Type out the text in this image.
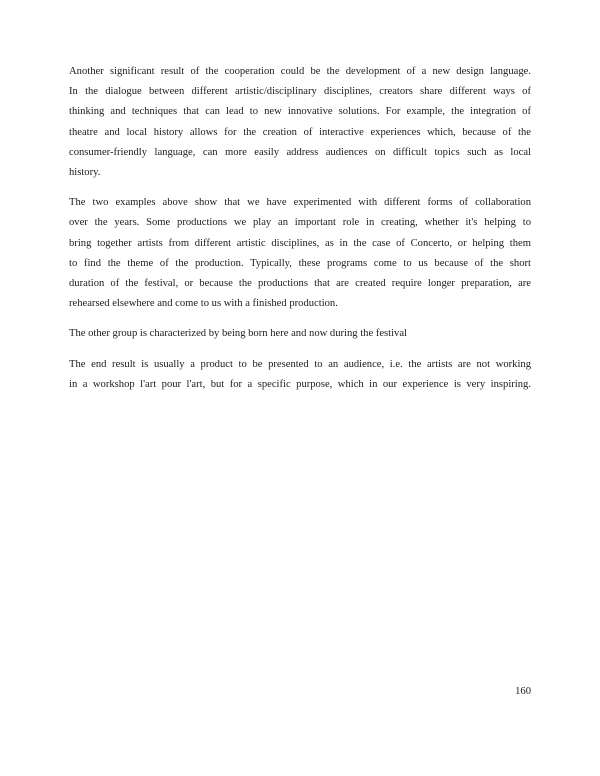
Another significant result of the cooperation could be the development of a new design language.
In the dialogue between different artistic/disciplinary disciplines, creators share different ways of
thinking and techniques that can lead to new innovative solutions. For example, the integration of
theatre and local history allows for the creation of interactive experiences which, because of the
consumer-friendly language, can more easily address audiences on difficult topics such as local
history.
The two examples above show that we have experimented with different forms of collaboration
over the years. Some productions we play an important role in creating, whether it's helping to
bring together artists from different artistic disciplines, as in the case of Concerto, or helping them
to find the theme of the production. Typically, these programs come to us because of the short
duration of the festival, or because the productions that are created require longer preparation, are
rehearsed elsewhere and come to us with a finished production.
The other group is characterized by being born here and now during the festival
The end result is usually a product to be presented to an audience, i.e. the artists are not working
in a workshop l'art pour l'art, but for a specific purpose, which in our experience is very inspiring.
160
